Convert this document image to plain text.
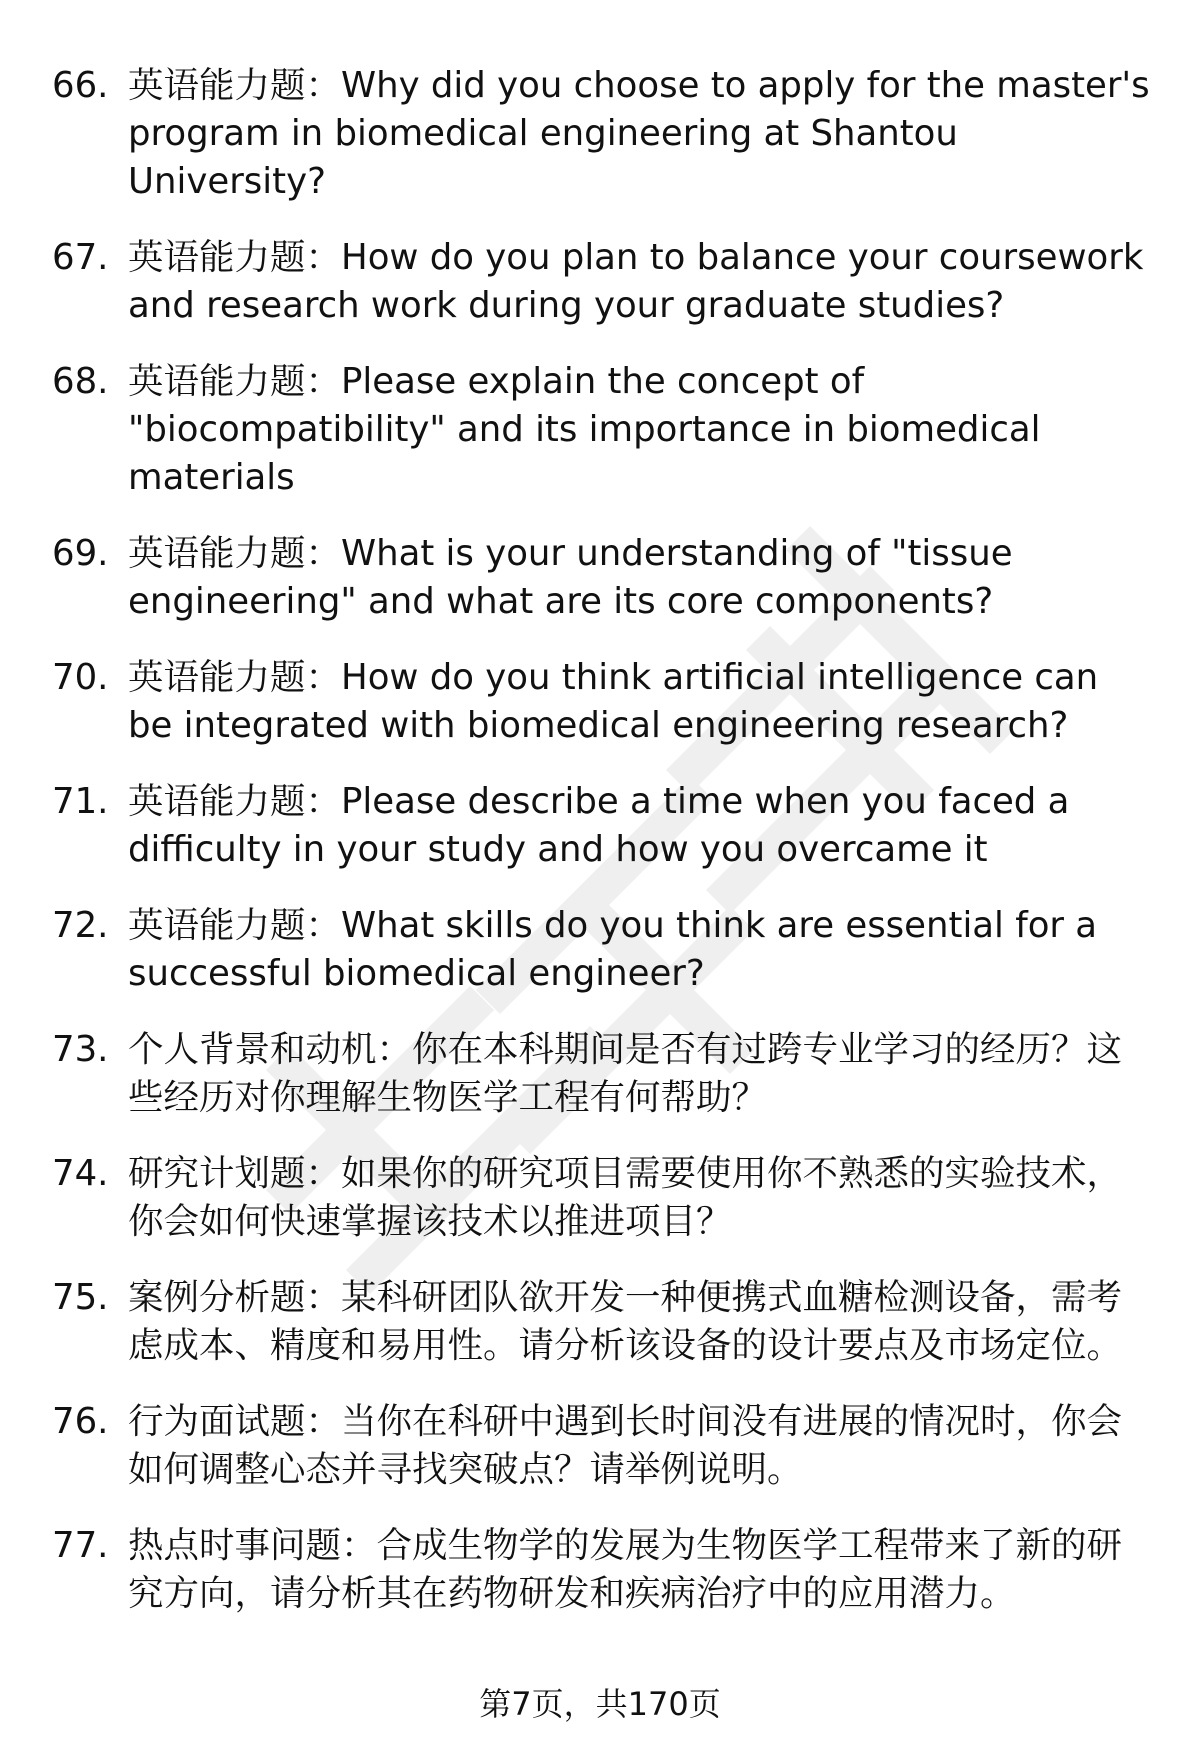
66. 英语能力题：Why did you choose to apply for the master's program in biomedical engineering at Shantou University?
67. 英语能力题：How do you plan to balance your coursework and research work during your graduate studies?
68. 英语能力题：Please explain the concept of "biocompatibility" and its importance in biomedical materials
69. 英语能力题：What is your understanding of "tissue engineering" and what are its core components?
70. 英语能力题：How do you think artificial intelligence can be integrated with biomedical engineering research?
71. 英语能力题：Please describe a time when you faced a difficulty in your study and how you overcame it
72. 英语能力题：What skills do you think are essential for a successful biomedical engineer?
73. 个人背景和动机：你在本科期间是否有过跨专业学习的经历？这些经历对你理解生物医学工程有何帮助？
74. 研究计划题：如果你的研究项目需要使用你不熟悉的实验技术，你会如何快速掌握该技术以推进项目？
75. 案例分析题：某科研团队欲开发一种便携式血糖检测设备，需考虑成本、精度和易用性。请分析该设备的设计要点及市场定位。
76. 行为面试题：当你在科研中遇到长时间没有进展的情况时，你会如何调整心态并寻找突破点？请举例说明。
77. 热点时事问题：合成生物学的发展为生物医学工程带来了新的研究方向，请分析其在药物研发和疾病治疗中的应用潜力。
第7页，共170页
